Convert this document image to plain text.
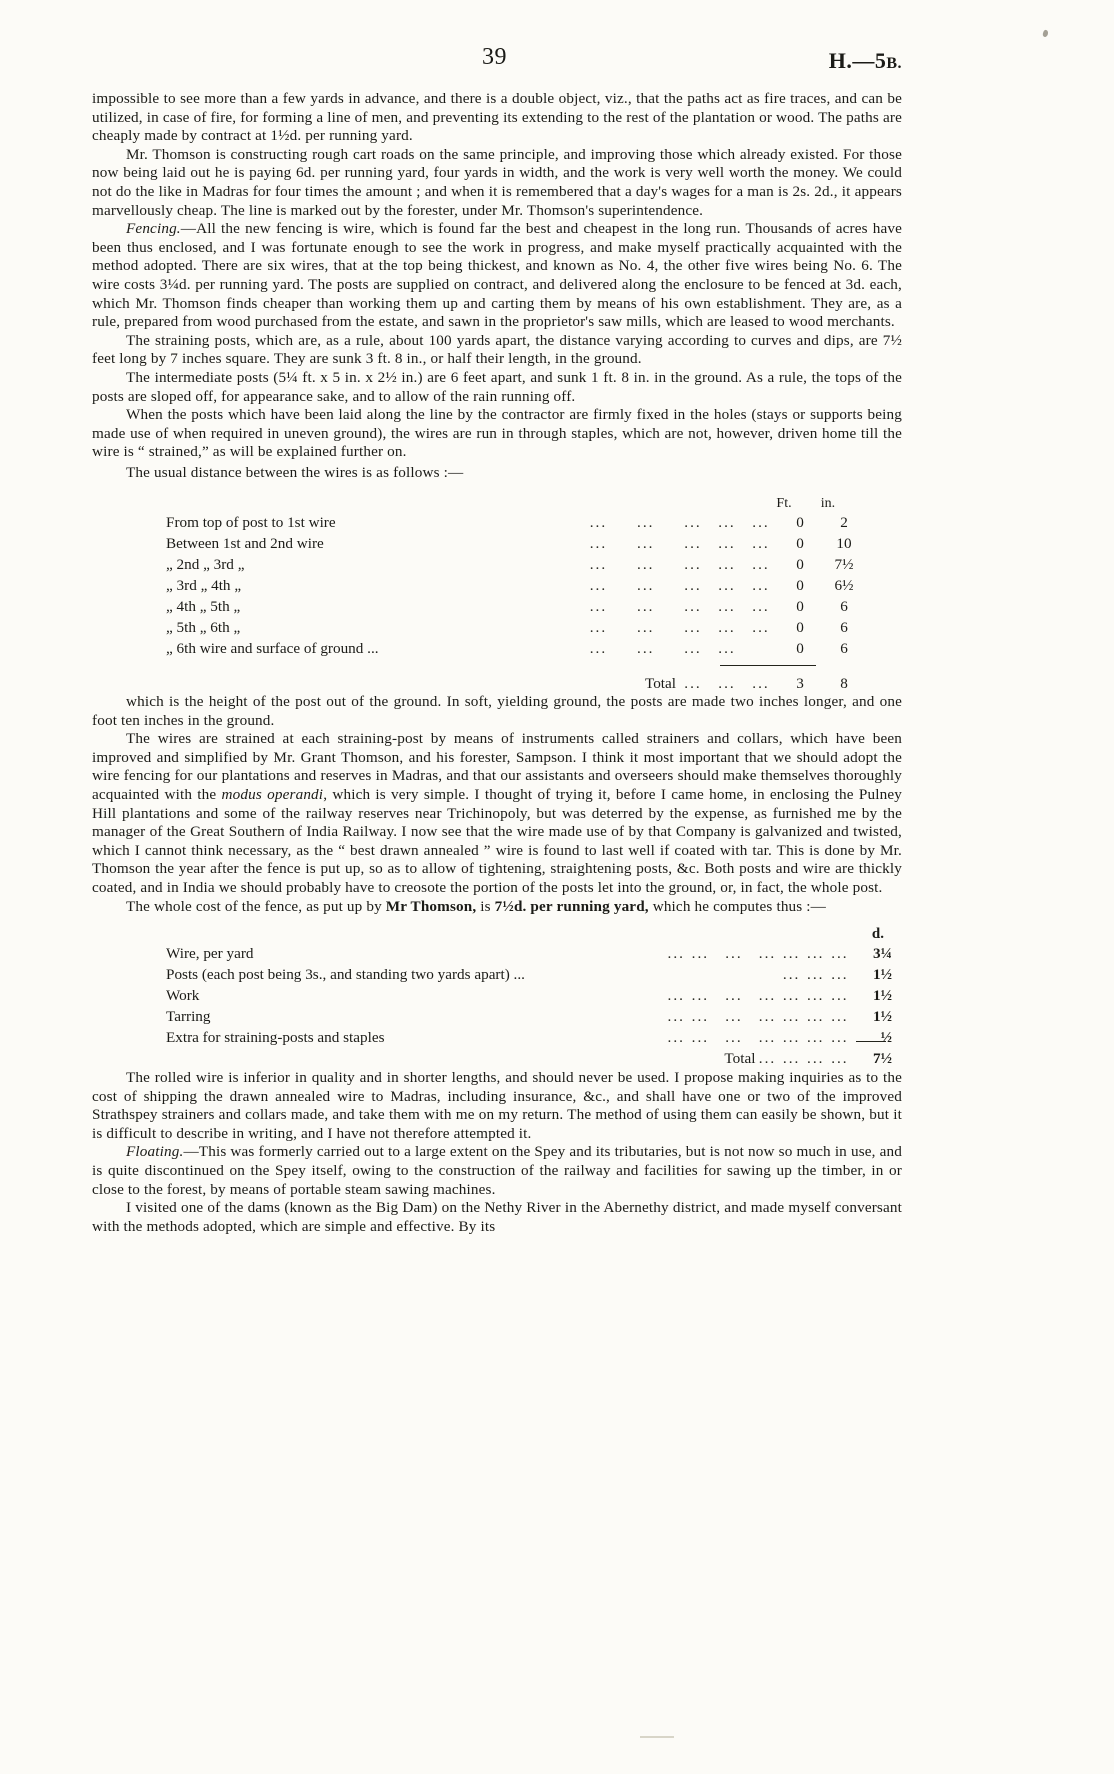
39	H.—5B.

impossible to see more than a few yards in advance, and there is a double object, viz., that the paths act as fire traces, and can be utilized, in case of fire, for forming a line of men, and preventing its extending to the rest of the plantation or wood. The paths are cheaply made by contract at 1½d. per running yard.

Mr. Thomson is constructing rough cart roads on the same principle, and improving those which already existed. For those now being laid out he is paying 6d. per running yard, four yards in width, and the work is very well worth the money. We could not do the like in Madras for four times the amount ; and when it is remembered that a day's wages for a man is 2s. 2d., it appears marvellously cheap. The line is marked out by the forester, under Mr. Thomson's superintendence.

Fencing.—All the new fencing is wire, which is found far the best and cheapest in the long run. Thousands of acres have been thus enclosed, and I was fortunate enough to see the work in progress, and make myself practically acquainted with the method adopted. There are six wires, that at the top being thickest, and known as No. 4, the other five wires being No. 6. The wire costs 3¼d. per running yard. The posts are supplied on contract, and delivered along the enclosure to be fenced at 3d. each, which Mr. Thomson finds cheaper than working them up and carting them by means of his own establishment. They are, as a rule, prepared from wood purchased from the estate, and sawn in the proprietor's saw mills, which are leased to wood merchants.

The straining posts, which are, as a rule, about 100 yards apart, the distance varying according to curves and dips, are 7½ feet long by 7 inches square. They are sunk 3 ft. 8 in., or half their length, in the ground.

The intermediate posts (5¼ ft. x 5 in. x 2½ in.) are 6 feet apart, and sunk 1 ft. 8 in. in the ground. As a rule, the tops of the posts are sloped off, for appearance sake, and to allow of the rain running off.

When the posts which have been laid along the line by the contractor are firmly fixed in the holes (stays or supports being made use of when required in uneven ground), the wires are run in through staples, which are not, however, driven home till the wire is “ strained,” as will be explained further on.

The usual distance between the wires is as follows :—

Ft. in.
From top of post to 1st wire	...	...	...	...	...	0	2
Between 1st and 2nd wire	...	...	...	...	...	0	10
„ 2nd „ 3rd „	...	...	...	...	...	0	7½
„ 3rd „ 4th „	...	...	...	...	...	0	6½
„ 4th „ 5th „	...	...	...	...	...	0	6
„ 5th „ 6th „	...	...	...	...	...	0	6
„ 6th wire and surface of ground ...	...	...	...	...		0	6
		Total	...	...	...	3	8

which is the height of the post out of the ground. In soft, yielding ground, the posts are made two inches longer, and one foot ten inches in the ground.

The wires are strained at each straining-post by means of instruments called strainers and collars, which have been improved and simplified by Mr. Grant Thomson, and his forester, Sampson. I think it most important that we should adopt the wire fencing for our plantations and reserves in Madras, and that our assistants and overseers should make themselves thoroughly acquainted with the modus operandi, which is very simple. I thought of trying it, before I came home, in enclosing the Pulney Hill plantations and some of the railway reserves near Trichinopoly, but was deterred by the expense, as furnished me by the manager of the Great Southern of India Railway. I now see that the wire made use of by that Company is galvanized and twisted, which I cannot think necessary, as the “ best drawn annealed ” wire is found to last well if coated with tar. This is done by Mr. Thomson the year after the fence is put up, so as to allow of tightening, straightening posts, &c. Both posts and wire are thickly coated, and in India we should probably have to creosote the portion of the posts let into the ground, or, in fact, the whole post.

The whole cost of the fence, as put up by Mr Thomson, is 7½d. per running yard, which he computes thus :—

d.
Wire, per yard	...	...	...	...	...	...	...	3¼
Posts (each post being 3s., and standing two yards apart) ...					...	...	...	1½
Work	...	...	...	...	...	...	...	1½
Tarring	...	...	...	...	...	...	...	1½
Extra for straining-posts and staples	...	...	...	...	...	...	...	½
			Total	...	...	...	...	7½

The rolled wire is inferior in quality and in shorter lengths, and should never be used. I propose making inquiries as to the cost of shipping the drawn annealed wire to Madras, including insurance, &c., and shall have one or two of the improved Strathspey strainers and collars made, and take them with me on my return. The method of using them can easily be shown, but it is difficult to describe in writing, and I have not therefore attempted it.

Floating.—This was formerly carried out to a large extent on the Spey and its tributaries, but is not now so much in use, and is quite discontinued on the Spey itself, owing to the construction of the railway and facilities for sawing up the timber, in or close to the forest, by means of portable steam sawing machines.

I visited one of the dams (known as the Big Dam) on the Nethy River in the Abernethy district, and made myself conversant with the methods adopted, which are simple and effective. By its
